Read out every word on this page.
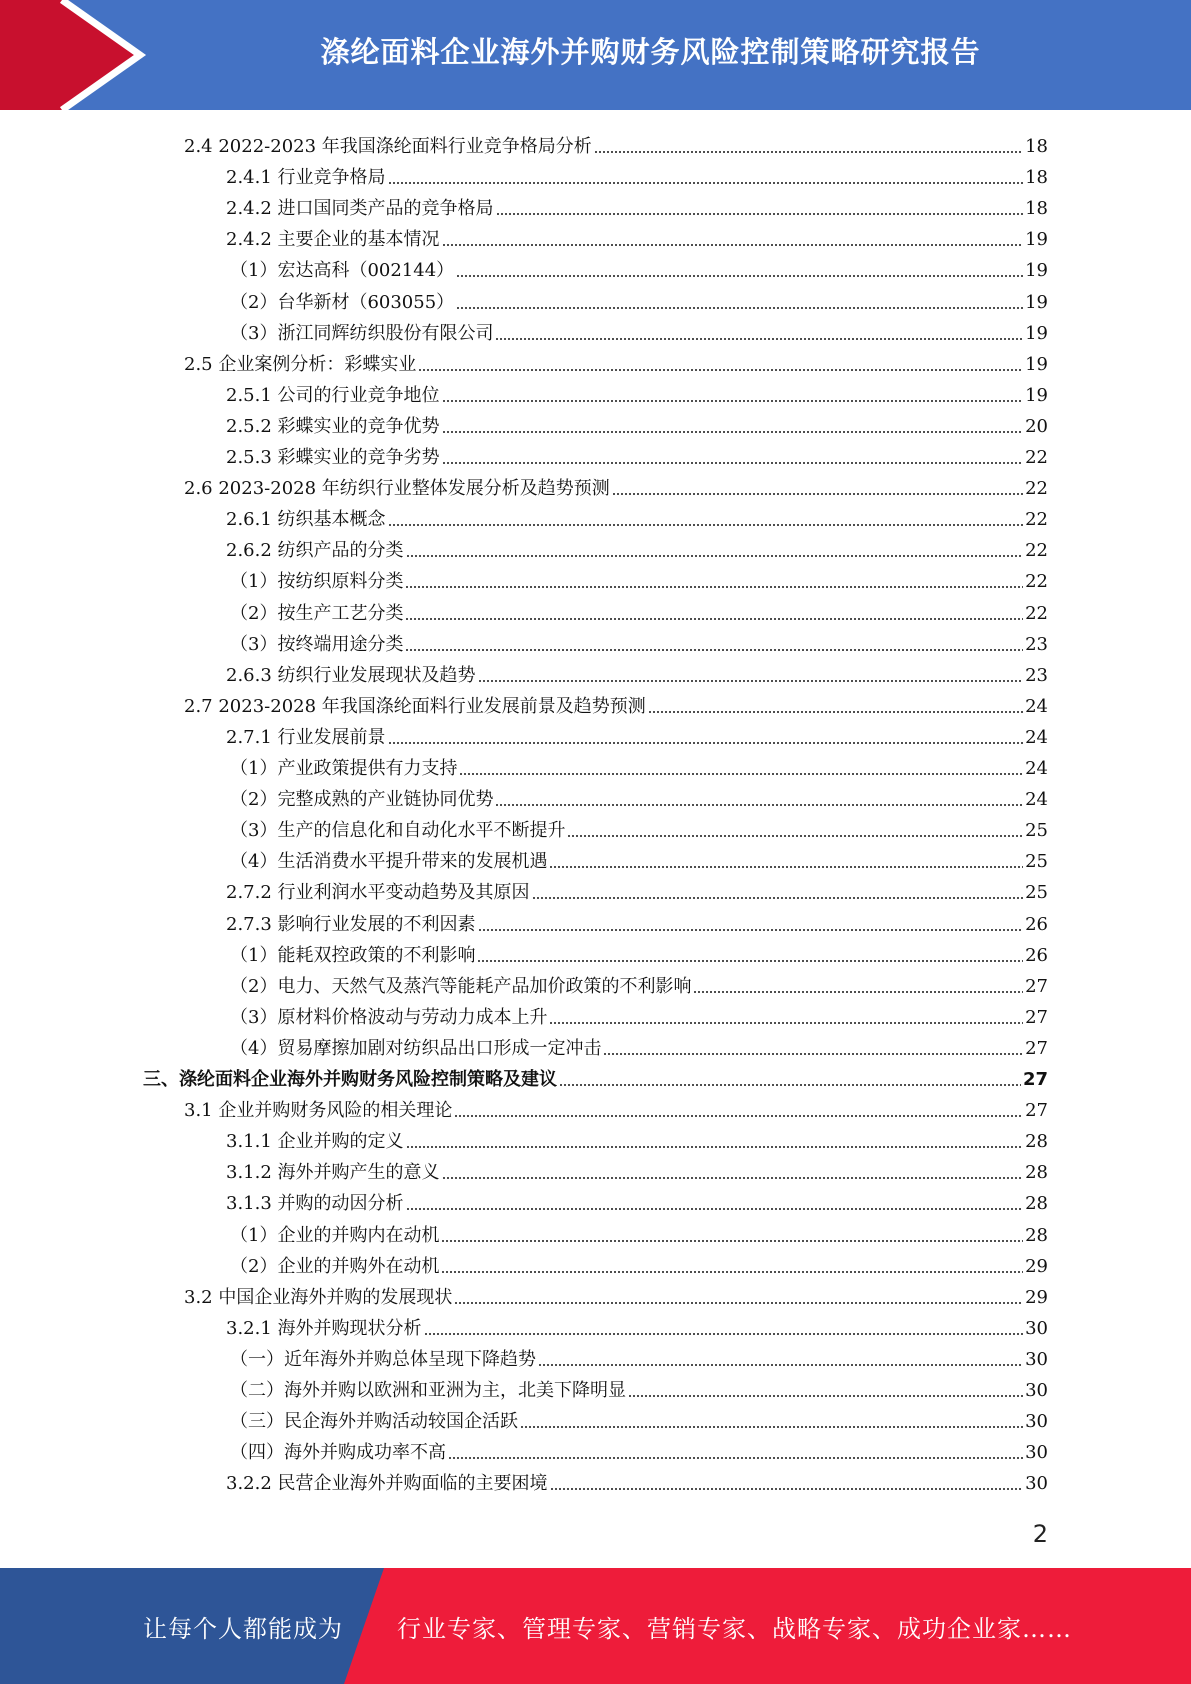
涤纶面料企业海外并购财务风险控制策略研究报告
2.4 2022-2023 年我国涤纶面料行业竞争格局分析	18
2.4.1 行业竞争格局	18
2.4.2 进口国同类产品的竞争格局	18
2.4.2 主要企业的基本情况	19
（1）宏达高科（002144）	19
（2）台华新材（603055）	19
（3）浙江同辉纺织股份有限公司	19
2.5 企业案例分析：彩蝶实业	19
2.5.1 公司的行业竞争地位	19
2.5.2 彩蝶实业的竞争优势	20
2.5.3 彩蝶实业的竞争劣势	22
2.6 2023-2028 年纺织行业整体发展分析及趋势预测	22
2.6.1 纺织基本概念	22
2.6.2 纺织产品的分类	22
（1）按纺织原料分类	22
（2）按生产工艺分类	22
（3）按终端用途分类	23
2.6.3 纺织行业发展现状及趋势	23
2.7 2023-2028 年我国涤纶面料行业发展前景及趋势预测	24
2.7.1 行业发展前景	24
（1）产业政策提供有力支持	24
（2）完整成熟的产业链协同优势	24
（3）生产的信息化和自动化水平不断提升	25
（4）生活消费水平提升带来的发展机遇	25
2.7.2 行业利润水平变动趋势及其原因	25
2.7.3 影响行业发展的不利因素	26
（1）能耗双控政策的不利影响	26
（2）电力、天然气及蒸汽等能耗产品加价政策的不利影响	27
（3）原材料价格波动与劳动力成本上升	27
（4）贸易摩擦加剧对纺织品出口形成一定冲击	27
三、涤纶面料企业海外并购财务风险控制策略及建议	27
3.1 企业并购财务风险的相关理论	27
3.1.1 企业并购的定义	28
3.1.2 海外并购产生的意义	28
3.1.3 并购的动因分析	28
（1）企业的并购内在动机	28
（2）企业的并购外在动机	29
3.2 中国企业海外并购的发展现状	29
3.2.1 海外并购现状分析	30
（一）近年海外并购总体呈现下降趋势	30
（二）海外并购以欧洲和亚洲为主，北美下降明显	30
（三）民企海外并购活动较国企活跃	30
（四）海外并购成功率不高	30
3.2.2 民营企业海外并购面临的主要困境	30
2
让每个人都能成为 行业专家、管理专家、营销专家、战略专家、成功企业家……
